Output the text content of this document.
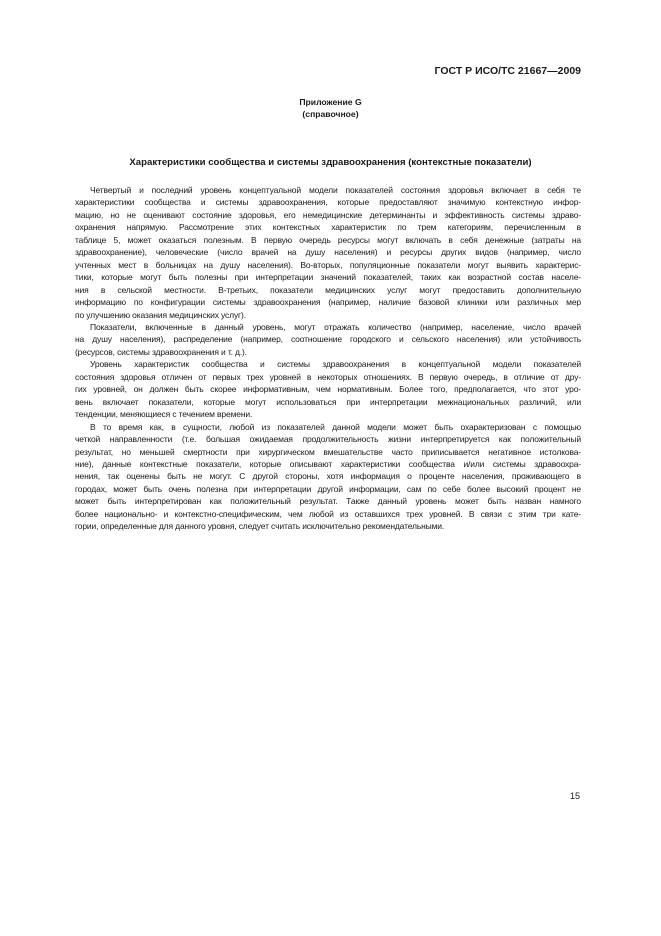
ГОСТ Р ИСО/ТС 21667—2009
Приложение G
(справочное)
Характеристики сообщества и системы здравоохранения (контекстные показатели)
Четвертый и последний уровень концептуальной модели показателей состояния здоровья включает в себя те
характеристики сообщества и системы здравоохранения, которые предоставляют значимую контекстную инфор-
мацию, но не оценивают состояние здоровья, его немедицинские детерминанты и эффективность системы здраво-
охранения напрямую. Рассмотрение этих контекстных характеристик по трем категориям, перечисленным в
таблице 5, может оказаться полезным. В первую очередь ресурсы могут включать в себя денежные (затраты на
здравоохранение), человеческие (число врачей на душу населения) и ресурсы других видов (например, число
учтенных мест в больницах на душу населения). Во-вторых, популяционные показатели могут выявить характерис-
тики, которые могут быть полезны при интерпретации значений показателей, таких как возрастной состав населе-
ния в сельской местности. В-третьих, показатели медицинских услуг могут предоставить дополнительную
информацию по конфигурации системы здравоохранения (например, наличие базовой клиники или различных мер
по улучшению оказания медицинских услуг).
Показатели, включенные в данный уровень, могут отражать количество (например, население, число врачей
на душу населения), распределение (например, соотношение городского и сельского населения) или устойчивость
(ресурсов, системы здравоохранения и т. д.).
Уровень характеристик сообщества и системы здравоохранения в концептуальной модели показателей
состояния здоровья отличен от первых трех уровней в некоторых отношениях. В первую очередь, в отличие от дру-
гих уровней, он должен быть скорее информативным, чем нормативным. Более того, предполагается, что этот уро-
вень включает показатели, которые могут использоваться при интерпретации межнациональных различий, или
тенденции, меняющиеся с течением времени.
В то время как, в сущности, любой из показателей данной модели может быть охарактеризован с помощью
четкой направленности (т.е. большая ожидаемая продолжительность жизни интерпретируется как положительный
результат, но меньшей смертности при хирургическом вмешательстве часто приписывается негативное истолкова-
ние), данные контекстные показатели, которые описывают характеристики сообщества и/или системы здравоохра-
нения, так оценены быть не могут. С другой стороны, хотя информация о проценте населения, проживающего в
городах, может быть очень полезна при интерпретации другой информации, сам по себе более высокий процент не
может быть интерпретирован как положительный результат. Также данный уровень может быть назван намного
более национально- и контекстно-специфическим, чем любой из оставшихся трех уровней. В связи с этим три кате-
гории, определенные для данного уровня, следует считать исключительно рекомендательными.
15
